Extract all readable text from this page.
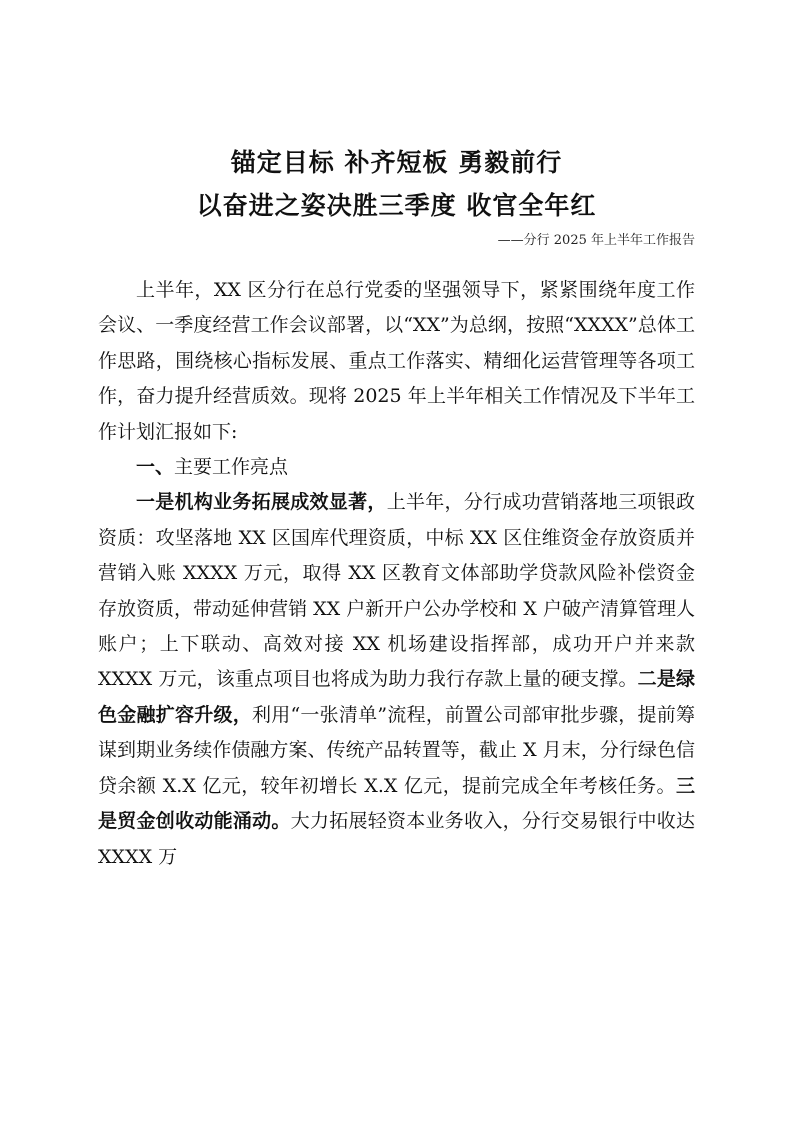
锚定目标 补齐短板 勇毅前行
以奋进之姿决胜三季度 收官全年红
——分行 2025 年上半年工作报告

上半年，XX 区分行在总行党委的坚强领导下，紧紧围绕年度工作会议、一季度经营工作会议部署，以“XX”为总纲，按照“XXXX”总体工作思路，围绕核心指标发展、重点工作落实、精细化运营管理等各项工作，奋力提升经营质效。现将 2025 年上半年相关工作情况及下半年工作计划汇报如下:

一、主要工作亮点

一是机构业务拓展成效显著，上半年，分行成功营销落地三项银政资质：攻坚落地 XX 区国库代理资质，中标 XX 区住维资金存放资质并营销入账 XXXX 万元，取得 XX 区教育文体部助学贷款风险补偿资金存放资质，带动延伸营销 XX 户新开户公办学校和 X 户破产清算管理人账户；上下联动、高效对接 XX 机场建设指挥部，成功开户并来款 XXXX 万元，该重点项目也将成为助力我行存款上量的硬支撑。二是绿色金融扩容升级，利用“一张清单”流程，前置公司部审批步骤，提前筹谋到期业务续作债融方案、传统产品转置等，截止 X 月末，分行绿色信贷余额 X.X 亿元，较年初增长 X.X 亿元，提前完成全年考核任务。三是贸金创收动能涌动。大力拓展轻资本业务收入，分行交易银行中收达 XXXX 万
